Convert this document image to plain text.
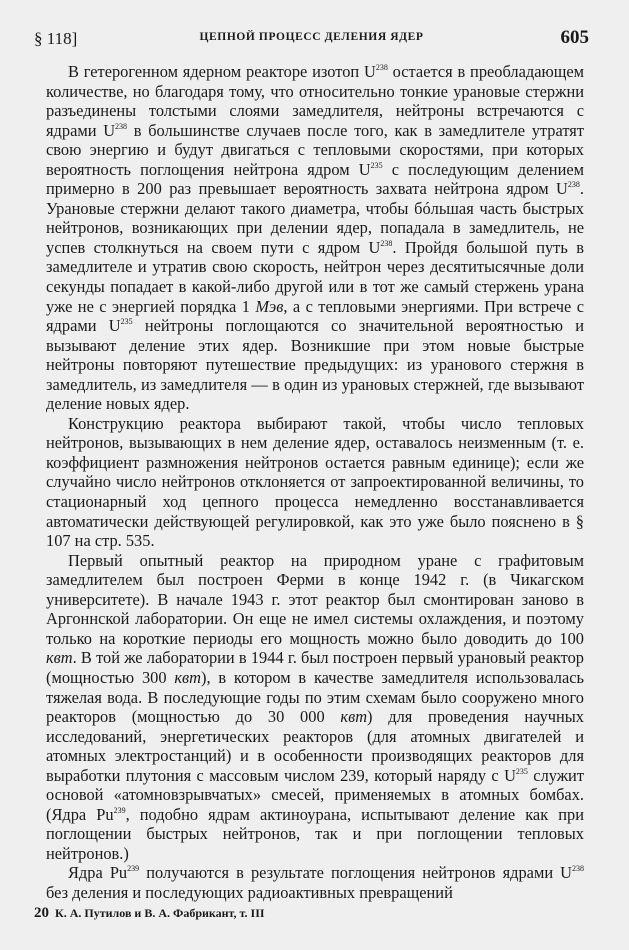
§ 118]	ЦЕПНОЙ ПРОЦЕСС ДЕЛЕНИЯ ЯДЕР	605

В гетерогенном ядерном реакторе изотоп $U^{238}$ остается в преобладающем количестве, но благодаря тому, что относительно тонкие урановые стержни разъединены толстыми слоями замедлителя, нейтроны встречаются с ядрами $U^{238}$ в большинстве случаев после того, как в замедлителе утратят свою энергию и будут двигаться с тепловыми скоростями, при которых вероятность поглощения нейтрона ядром $U^{235}$ с последующим делением примерно в 200 раз превышает вероятность захвата нейтрона ядром $U^{238}$. Урановые стержни делают такого диаметра, чтобы бóльшая часть быстрых нейтронов, возникающих при делении ядер, попадала в замедлитель, не успев столкнуться на своем пути с ядром $U^{238}$. Пройдя большой путь в замедлителе и утратив свою скорость, нейтрон через десятитысячные доли секунды попадает в какой-либо другой или в тот же самый стержень урана уже не с энергией порядка 1 Мэв, а с тепловыми энергиями. При встрече с ядрами $U^{235}$ нейтроны поглощаются со значительной вероятностью и вызывают деление этих ядер. Возникшие при этом новые быстрые нейтроны повторяют путешествие предыдущих: из уранового стержня в замедлитель, из замедлителя — в один из урановых стержней, где вызывают деление новых ядер.

Конструкцию реактора выбирают такой, чтобы число тепловых нейтронов, вызывающих в нем деление ядер, оставалось неизменным (т. е. коэффициент размножения нейтронов остается равным единице); если же случайно число нейтронов отклоняется от запроектированной величины, то стационарный ход цепного процесса немедленно восстанавливается автоматически действующей регулировкой, как это уже было пояснено в § 107 на стр. 535.

Первый опытный реактор на природном уране с графитовым замедлителем был построен Ферми в конце 1942 г. (в Чикагском университете). В начале 1943 г. этот реактор был смонтирован заново в Аргоннской лаборатории. Он еще не имел системы охлаждения, и поэтому только на короткие периоды его мощность можно было доводить до 100 квт. В той же лаборатории в 1944 г. был построен первый урановый реактор (мощностью 300 квт), в котором в качестве замедлителя использовалась тяжелая вода. В последующие годы по этим схемам было сооружено много реакторов (мощностью до 30 000 квт) для проведения научных исследований, энергетических реакторов (для атомных двигателей и атомных электростанций) и в особенности производящих реакторов для выработки плутония с массовым числом 239, который наряду с $U^{235}$ служит основой «атомновзрывчатых» смесей, применяемых в атомных бомбах. (Ядра Pu$^{239}$, подобно ядрам актиноурана, испытывают деление как при поглощении быстрых нейтронов, так и при поглощении тепловых нейтронов.)

Ядра Pu$^{239}$ получаются в результате поглощения нейтронов ядрами $U^{238}$ без деления и последующих радиоактивных превращений

20 К. А. Путилов и В. А. Фабрикант, т. III
